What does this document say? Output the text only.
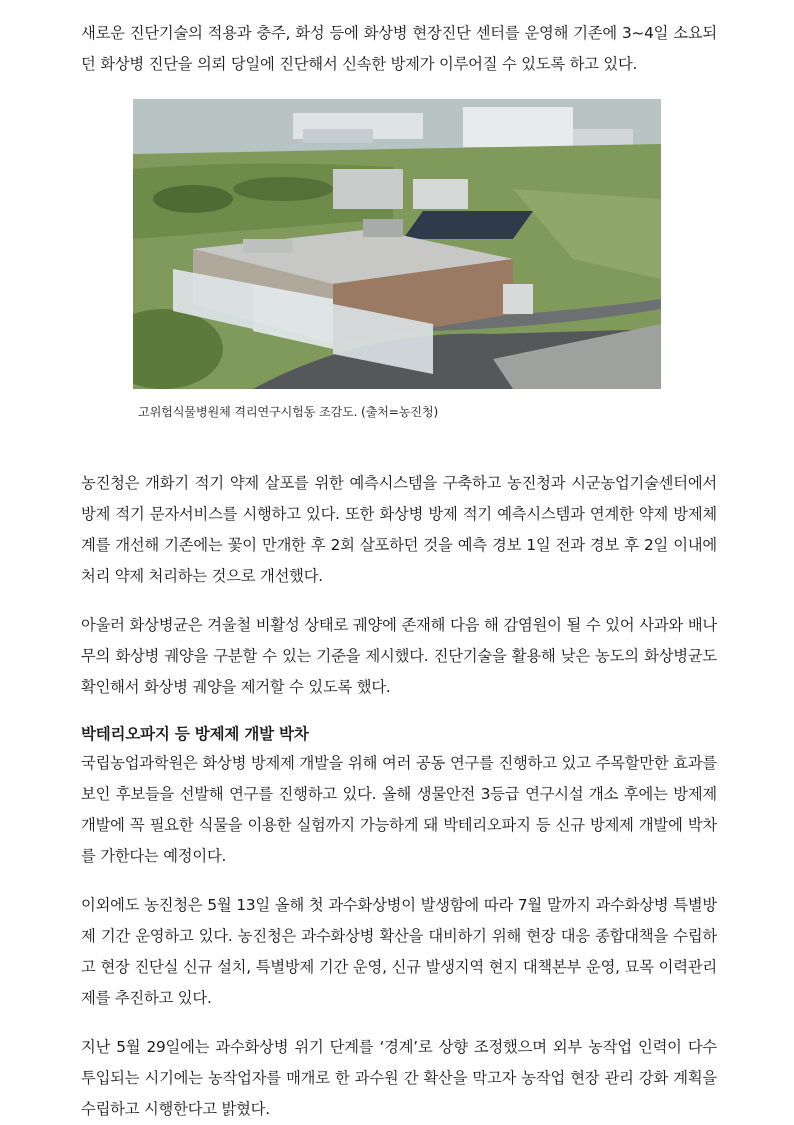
새로운 진단기술의 적용과 충주, 화성 등에 화상병 현장진단 센터를 운영해 기존에 3~4일 소요되던 화상병 진단을 의뢰 당일에 진단해서 신속한 방제가 이루어질 수 있도록 하고 있다.

고위험식물병원체 격리연구시험동 조감도. (출처=농진청)

농진청은 개화기 적기 약제 살포를 위한 예측시스템을 구축하고 농진청과 시군농업기술센터에서 방제 적기 문자서비스를 시행하고 있다. 또한 화상병 방제 적기 예측시스템과 연계한 약제 방제체계를 개선해 기존에는 꽃이 만개한 후 2회 살포하던 것을 예측 경보 1일 전과 경보 후 2일 이내에 처리 약제 처리하는 것으로 개선했다.

아울러 화상병균은 겨울철 비활성 상태로 궤양에 존재해 다음 해 감염원이 될 수 있어 사과와 배나무의 화상병 궤양을 구분할 수 있는 기준을 제시했다. 진단기술을 활용해 낮은 농도의 화상병균도 확인해서 화상병 궤양을 제거할 수 있도록 했다.

박테리오파지 등 방제제 개발 박차

국립농업과학원은 화상병 방제제 개발을 위해 여러 공동 연구를 진행하고 있고 주목할만한 효과를 보인 후보들을 선발해 연구를 진행하고 있다. 올해 생물안전 3등급 연구시설 개소 후에는 방제제 개발에 꼭 필요한 식물을 이용한 실험까지 가능하게 돼 박테리오파지 등 신규 방제제 개발에 박차를 가한다는 예정이다.

이외에도 농진청은 5월 13일 올해 첫 과수화상병이 발생함에 따라 7월 말까지 과수화상병 특별방제 기간 운영하고 있다. 농진청은 과수화상병 확산을 대비하기 위해 현장 대응 종합대책을 수립하고 현장 진단실 신규 설치, 특별방제 기간 운영, 신규 발생지역 현지 대책본부 운영, 묘목 이력관리제를 추진하고 있다.

지난 5월 29일에는 과수화상병 위기 단계를 ‘경계’로 상향 조정했으며 외부 농작업 인력이 다수 투입되는 시기에는 농작업자를 매개로 한 과수원 간 확산을 막고자 농작업 현장 관리 강화 계획을 수립하고 시행한다고 밝혔다.
